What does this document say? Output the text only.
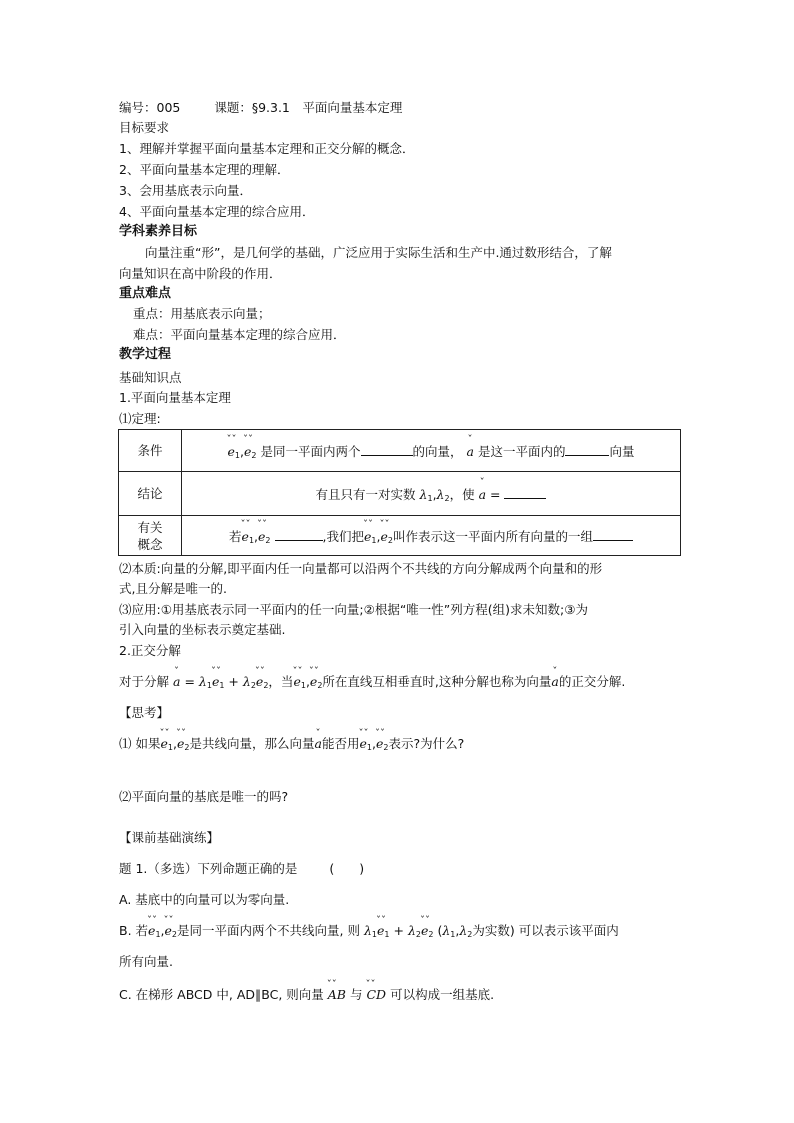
编号：005	课题：§9.3.1　平面向量基本定理
目标要求
1、理解并掌握平面向量基本定理和正交分解的概念．
2、平面向量基本定理的理解．
3、会用基底表示向量．
4、平面向量基本定理的综合应用．
学科素养目标
向量注重“形”，是几何学的基础，广泛应用于实际生活和生产中.通过数形结合，了解
向量知识在高中阶段的作用．
重点难点
重点：用基底表示向量；
难点：平面向量基本定理的综合应用．
教学过程
基础知识点
1.平面向量基本定理
⑴定理:
条件	ˇˇ $e_1,ˇˇ$ $e_2$ 是同一平面内两个 的向量， ˇ a 是这一平面内的 向量
结论	有且只有一对实数 $\lambda_1,\lambda_2$，使 ˇ a =
有关
概念	若ˇˇ $e_1,ˇˇ$ $e_2$ ,我们把ˇˇ $e_1,ˇˇ$ $e_2$叫作表示这一平面内所有向量的一组
⑵本质:向量的分解,即平面内任一向量都可以沿两个不共线的方向分解成两个向量和的形
式,且分解是唯一的.
⑶应用:①用基底表示同一平面内的任一向量;②根据“唯一性”列方程(组)求未知数;③为
引入向量的坐标表示奠定基础.
2.正交分解
对于分解 ˇ $a = \lambda_1ˇˇ$ $e_1$ + $\lambda_2ˇˇ$ $e_2$，当ˇˇ $e_1,ˇˇ$ $e_2$所在直线互相垂直时,这种分解也称为向量ˇ a的正交分解.
【思考】
⑴ 如果ˇˇ $e_1,ˇˇ$ $e_2$是共线向量，那么向量ˇ a能否用ˇˇ $e_1,ˇˇ$ $e_2$表示?为什么?
⑵平面向量的基底是唯一的吗?
【课前基础演练】
题 1.（多选）下列命题正确的是	(　　)
A. 基底中的向量可以为零向量.
B. 若ˇˇ $e_1,ˇˇ$ $e_2$是同一平面内两个不共线向量, 则 $\lambda_1ˇˇ$ $e_1$ + $\lambda_2ˇˇ$ $e_2$ ($\lambda_1,\lambda_2$为实数) 可以表示该平面内
所有向量.
C. 在梯形 ABCD 中, AD∥BC, 则向量 ˇˇ AB 与 ˇˇ CD 可以构成一组基底.
